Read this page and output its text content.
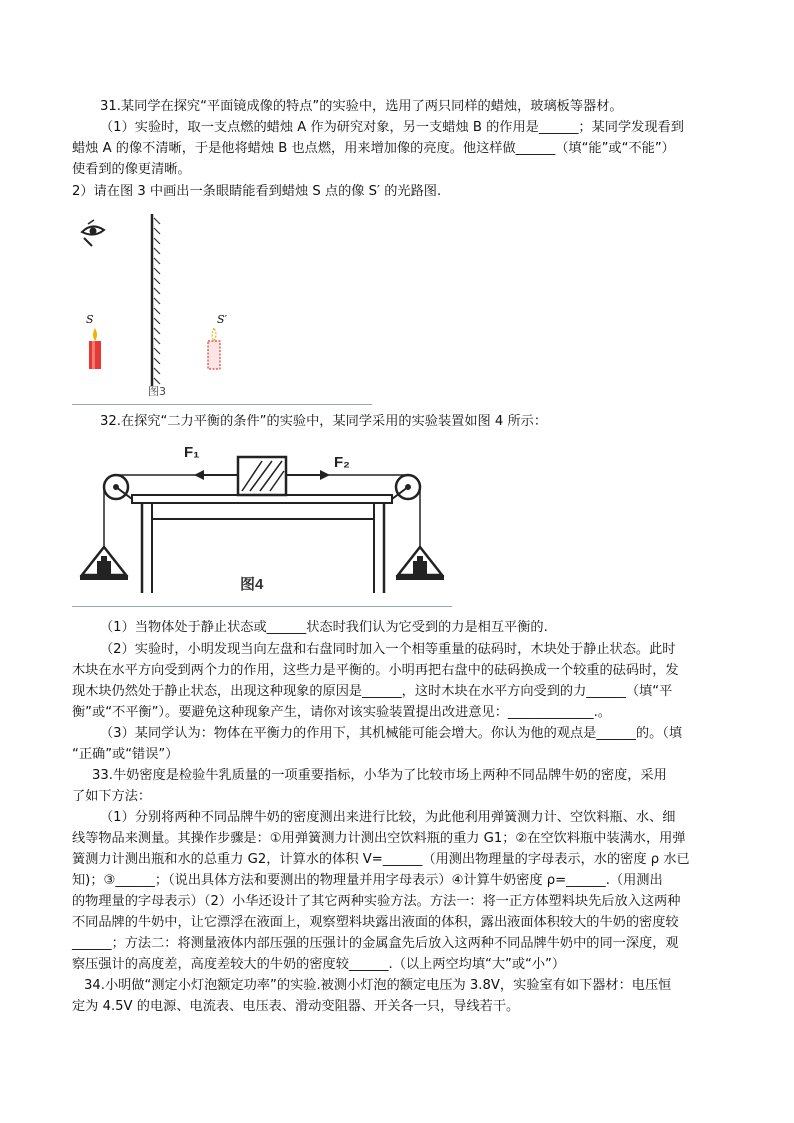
31.某同学在探究“平面镜成像的特点”的实验中，选用了两只同样的蜡烛，玻璃板等器材。
（1）实验时，取一支点燃的蜡烛 A 作为研究对象，另一支蜡烛 B 的作用是______；某同学发现看到
蜡烛 A 的像不清晰，于是他将蜡烛 B 也点燃，用来增加像的亮度。他这样做______（填“能”或“不能”）
使看到的像更清晰。
2）请在图 3 中画出一条眼睛能看到蜡烛 S 点的像 S′ 的光路图.
S	S′
图3
32.在探究“二力平衡的条件”的实验中，某同学采用的实验装置如图 4 所示：
F₁
F₂
图4
（1）当物体处于静止状态或______状态时我们认为它受到的力是相互平衡的.
（2）实验时，小明发现当向左盘和右盘同时加入一个相等重量的砝码时，木块处于静止状态。此时
木块在水平方向受到两个力的作用，这些力是平衡的。小明再把右盘中的砝码换成一个较重的砝码时，发
现木块仍然处于静止状态，出现这种现象的原因是______，这时木块在水平方向受到的力______（填“平
衡”或“不平衡”）。要避免这种现象产生，请你对该实验装置提出改进意见：_____________.。
（3）某同学认为：物体在平衡力的作用下，其机械能可能会增大。你认为他的观点是______的。（填
“正确”或“错误”）
33.牛奶密度是检验牛乳质量的一项重要指标，小华为了比较市场上两种不同品牌牛奶的密度，采用
了如下方法：
（1）分别将两种不同品牌牛奶的密度测出来进行比较，为此他利用弹簧测力计、空饮料瓶、水、细
线等物品来测量。其操作步骤是：①用弹簧测力计测出空饮料瓶的重力 G1；②在空饮料瓶中装满水，用弹
簧测力计测出瓶和水的总重力 G2，计算水的体积 V=______（用测出物理量的字母表示，水的密度 ρ 水已
知)；③______；（说出具体方法和要测出的物理量并用字母表示）④计算牛奶密度 ρ=______.（用测出
的物理量的字母表示）（2）小华还设计了其它两种实验方法。方法一：将一正方体塑料块先后放入这两种
不同品牌的牛奶中，让它漂浮在液面上，观察塑料块露出液面的体积，露出液面体积较大的牛奶的密度较
______；方法二：将测量液体内部压强的压强计的金属盒先后放入这两种不同品牌牛奶中的同一深度，观
察压强计的高度差，高度差较大的牛奶的密度较______.（以上两空均填“大”或“小”）
34.小明做“测定小灯泡额定功率”的实验.被测小灯泡的额定电压为 3.8V，实验室有如下器材：电压恒
定为 4.5V 的电源、电流表、电压表、滑动变阻器、开关各一只，导线若干。
